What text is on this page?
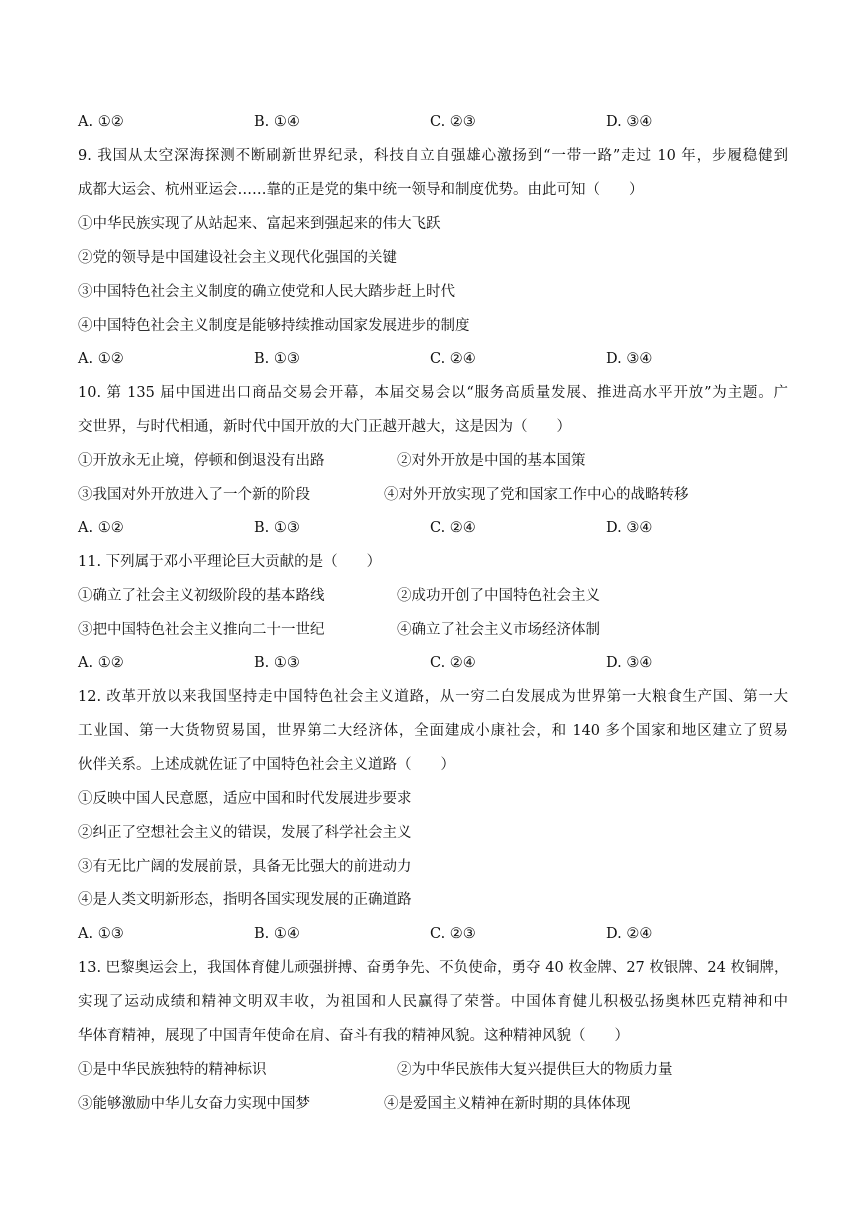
A. ①②	B. ①④	C. ②③	D. ③④
9. 我国从太空深海探测不断刷新世界纪录，科技自立自强雄心激扬到“一带一路”走过 10 年，步履稳健到
成都大运会、杭州亚运会……靠的正是党的集中统一领导和制度优势。由此可知（　　）
①中华民族实现了从站起来、富起来到强起来的伟大飞跃
②党的领导是中国建设社会主义现代化强国的关键
③中国特色社会主义制度的确立使党和人民大踏步赶上时代
④中国特色社会主义制度是能够持续推动国家发展进步的制度
A. ①②	B. ①③	C. ②④	D. ③④
10. 第 135 届中国进出口商品交易会开幕，本届交易会以“服务高质量发展、推进高水平开放”为主题。广
交世界，与时代相通，新时代中国开放的大门正越开越大，这是因为（　　）
①开放永无止境，停顿和倒退没有出路	②对外开放是中国的基本国策
③我国对外开放进入了一个新的阶段	④对外开放实现了党和国家工作中心的战略转移
A. ①②	B. ①③	C. ②④	D. ③④
11. 下列属于邓小平理论巨大贡献的是（　　）
①确立了社会主义初级阶段的基本路线	②成功开创了中国特色社会主义
③把中国特色社会主义推向二十一世纪	④确立了社会主义市场经济体制
A. ①②	B. ①③	C. ②④	D. ③④
12. 改革开放以来我国坚持走中国特色社会主义道路，从一穷二白发展成为世界第一大粮食生产国、第一大
工业国、第一大货物贸易国，世界第二大经济体，全面建成小康社会，和 140 多个国家和地区建立了贸易
伙伴关系。上述成就佐证了中国特色社会主义道路（　　）
①反映中国人民意愿，适应中国和时代发展进步要求
②纠正了空想社会主义的错误，发展了科学社会主义
③有无比广阔的发展前景，具备无比强大的前进动力
④是人类文明新形态，指明各国实现发展的正确道路
A. ①③	B. ①④	C. ②③	D. ②④
13. 巴黎奥运会上，我国体育健儿顽强拼搏、奋勇争先、不负使命，勇夺 40 枚金牌、27 枚银牌、24 枚铜牌，
实现了运动成绩和精神文明双丰收，为祖国和人民赢得了荣誉。中国体育健儿积极弘扬奥林匹克精神和中
华体育精神，展现了中国青年使命在肩、奋斗有我的精神风貌。这种精神风貌（　　）
①是中华民族独特的精神标识	②为中华民族伟大复兴提供巨大的物质力量
③能够激励中华儿女奋力实现中国梦	④是爱国主义精神在新时期的具体体现
